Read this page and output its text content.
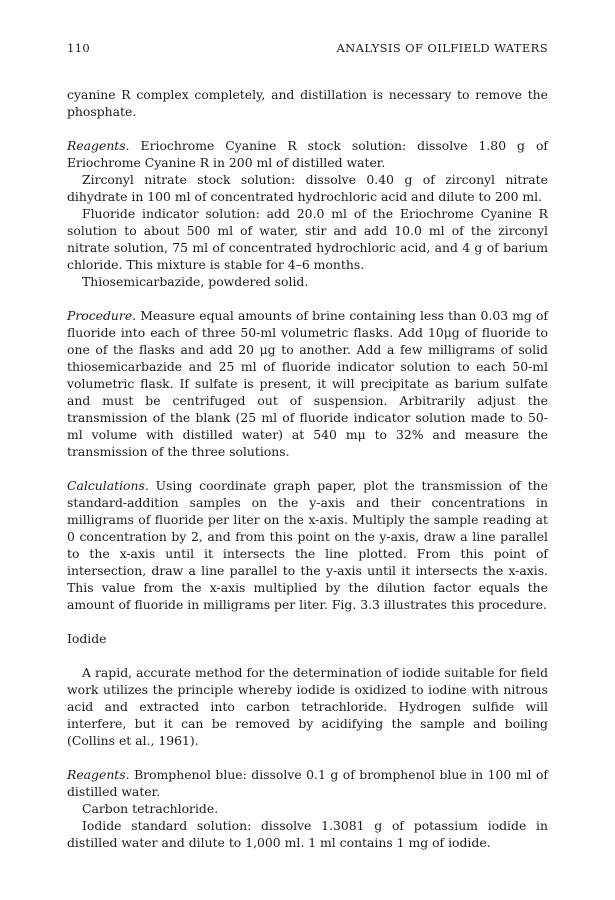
110	ANALYSIS OF OILFIELD WATERS

cyanine R complex completely, and distillation is necessary to remove the phosphate.

Reagents. Eriochrome Cyanine R stock solution: dissolve 1.80 g of Eriochrome Cyanine R in 200 ml of distilled water.

Zirconyl nitrate stock solution: dissolve 0.40 g of zirconyl nitrate dihydrate in 100 ml of concentrated hydrochloric acid and dilute to 200 ml.

Fluoride indicator solution: add 20.0 ml of the Eriochrome Cyanine R solution to about 500 ml of water, stir and add 10.0 ml of the zirconyl nitrate solution, 75 ml of concentrated hydrochloric acid, and 4 g of barium chloride. This mixture is stable for 4–6 months.

Thiosemicarbazide, powdered solid.

Procedure. Measure equal amounts of brine containing less than 0.03 mg of fluoride into each of three 50-ml volumetric flasks. Add 10μg of fluoride to one of the flasks and add 20 μg to another. Add a few milligrams of solid thiosemicarbazide and 25 ml of fluoride indicator solution to each 50-ml volumetric flask. If sulfate is present, it will precipitate as barium sulfate and must be centrifuged out of suspension. Arbitrarily adjust the transmission of the blank (25 ml of fluoride indicator solution made to 50-ml volume with distilled water) at 540 mμ to 32% and measure the transmission of the three solutions.

Calculations. Using coordinate graph paper, plot the transmission of the standard-addition samples on the y-axis and their concentrations in milligrams of fluoride per liter on the x-axis. Multiply the sample reading at 0 concentration by 2, and from this point on the y-axis, draw a line parallel to the x-axis until it intersects the line plotted. From this point of intersection, draw a line parallel to the y-axis until it intersects the x-axis. This value from the x-axis multiplied by the dilution factor equals the amount of fluoride in milligrams per liter. Fig. 3.3 illustrates this procedure.

Iodide

A rapid, accurate method for the determination of iodide suitable for field work utilizes the principle whereby iodide is oxidized to iodine with nitrous acid and extracted into carbon tetrachloride. Hydrogen sulfide will interfere, but it can be removed by acidifying the sample and boiling (Collins et al., 1961).

Reagents. Bromphenol blue: dissolve 0.1 g of bromphenol blue in 100 ml of distilled water.

Carbon tetrachloride.

Iodide standard solution: dissolve 1.3081 g of potassium iodide in distilled water and dilute to 1,000 ml. 1 ml contains 1 mg of iodide.
